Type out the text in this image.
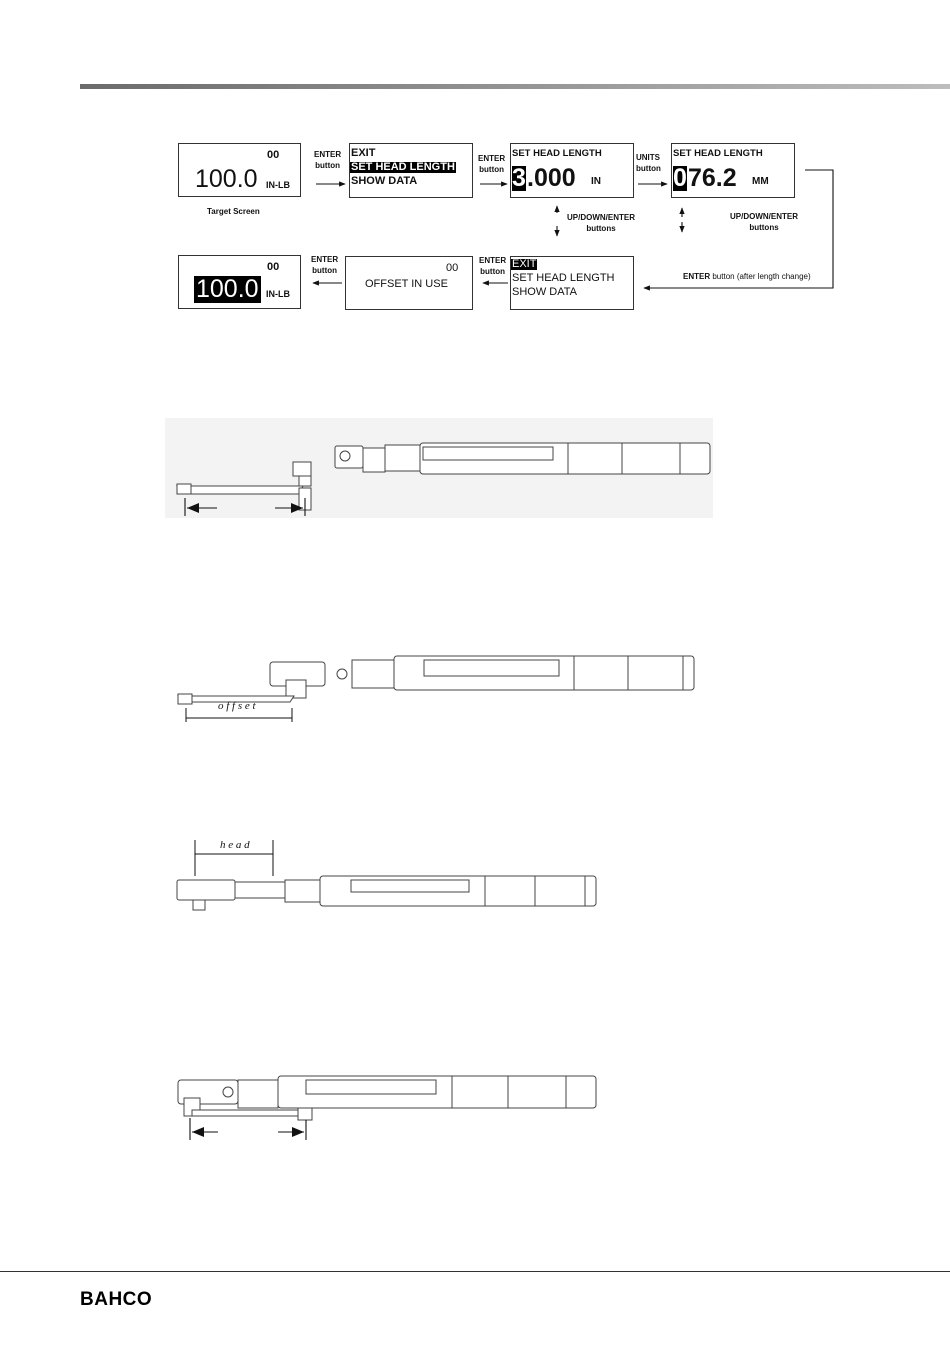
00
100.0 IN-LB
Target Screen
ENTER
button
EXIT
SET HEAD LENGTH
SHOW DATA
ENTER
button
SET HEAD LENGTH
3 .000 IN
UNITS
button
SET HEAD LENGTH
0 76.2 MM
UP/DOWN/ENTER
buttons
UP/DOWN/ENTER
buttons
ENTER button (after length change)
EXIT
SET HEAD LENGTH
SHOW DATA
ENTER
button
00
OFFSET IN USE
ENTER
button
00
100.0 IN-LB
o f f s e t
h e a d
BAHCO
